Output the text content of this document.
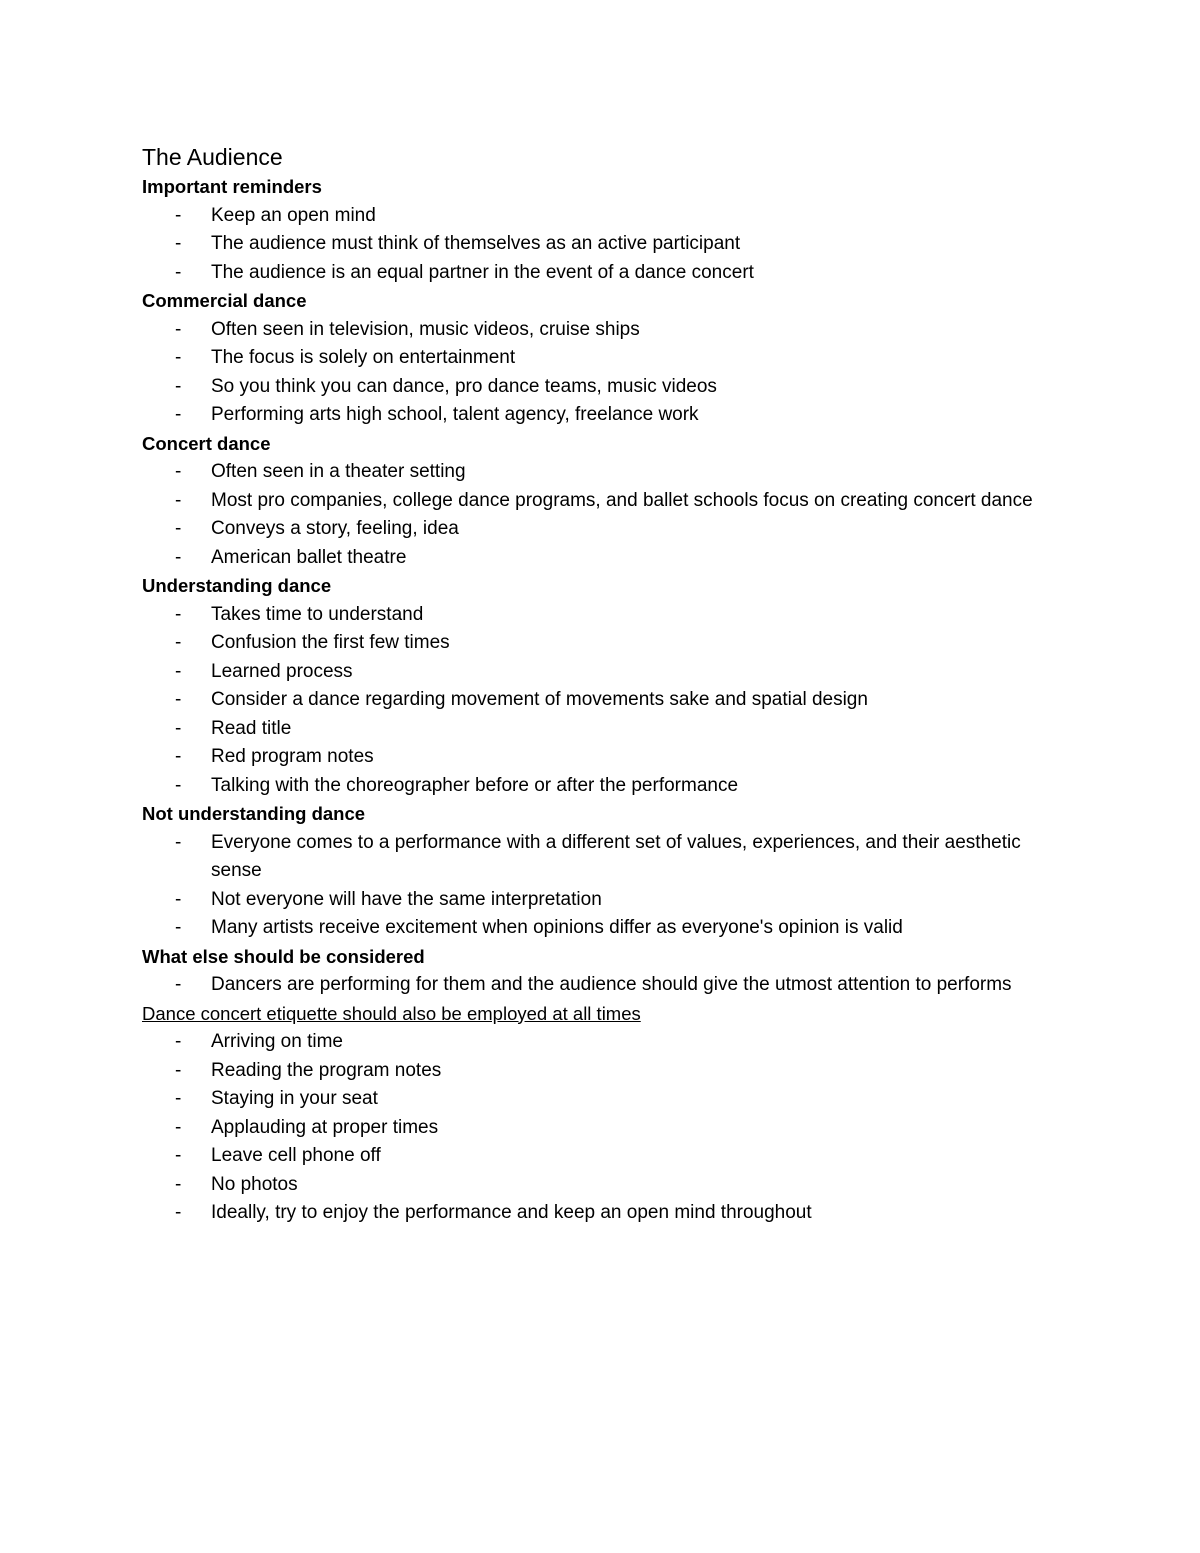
The Audience
Important reminders
- Keep an open mind
- The audience must think of themselves as an active participant
- The audience is an equal partner in the event of a dance concert
Commercial dance
- Often seen in television, music videos, cruise ships
- The focus is solely on entertainment
- So you think you can dance, pro dance teams, music videos
- Performing arts high school, talent agency, freelance work
Concert dance
- Often seen in a theater setting
- Most pro companies, college dance programs, and ballet schools focus on creating concert dance
- Conveys a story, feeling, idea
- American ballet theatre
Understanding dance
- Takes time to understand
- Confusion the first few times
- Learned process
- Consider a dance regarding movement of movements sake and spatial design
- Read title
- Red program notes
- Talking with the choreographer before or after the performance
Not understanding dance
- Everyone comes to a performance with a different set of values, experiences, and their aesthetic sense
- Not everyone will have the same interpretation
- Many artists receive excitement when opinions differ as everyone's opinion is valid
What else should be considered
- Dancers are performing for them and the audience should give the utmost attention to performs
Dance concert etiquette should also be employed at all times
- Arriving on time
- Reading the program notes
- Staying in your seat
- Applauding at proper times
- Leave cell phone off
- No photos
- Ideally, try to enjoy the performance and keep an open mind throughout
